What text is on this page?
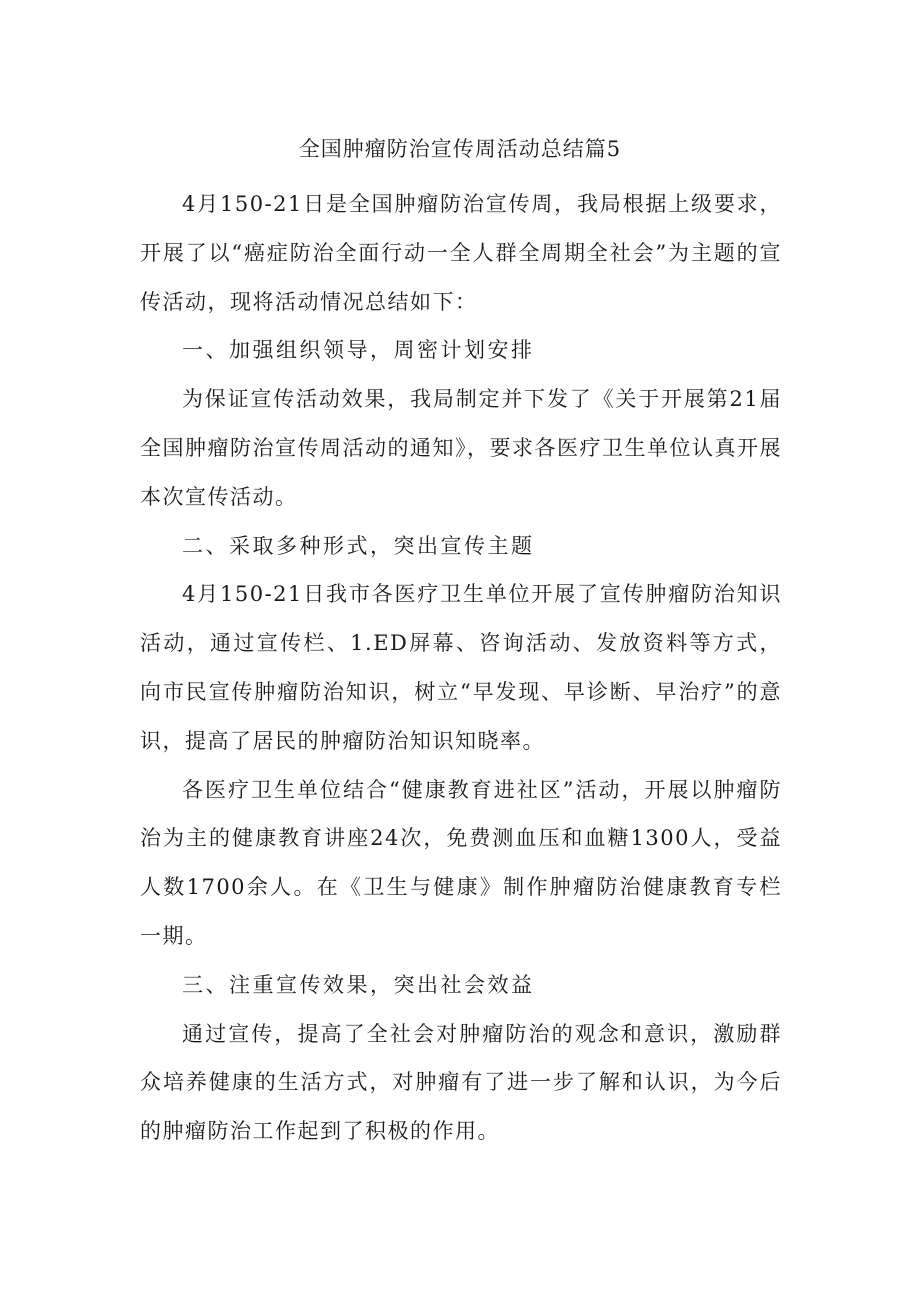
全国肿瘤防治宣传周活动总结篇5

4月150-21日是全国肿瘤防治宣传周，我局根据上级要求，开展了以“癌症防治全面行动一全人群全周期全社会”为主题的宣传活动，现将活动情况总结如下：

一、加强组织领导，周密计划安排

为保证宣传活动效果，我局制定并下发了《关于开展第21届全国肿瘤防治宣传周活动的通知》，要求各医疗卫生单位认真开展本次宣传活动。

二、采取多种形式，突出宣传主题

4月150-21日我市各医疗卫生单位开展了宣传肿瘤防治知识活动，通过宣传栏、1.ED屏幕、咨询活动、发放资料等方式，向市民宣传肿瘤防治知识，树立“早发现、早诊断、早治疗”的意识，提高了居民的肿瘤防治知识知晓率。

各医疗卫生单位结合“健康教育进社区”活动，开展以肿瘤防治为主的健康教育讲座24次，免费测血压和血糖1300人，受益人数1700余人。在《卫生与健康》制作肿瘤防治健康教育专栏一期。

三、注重宣传效果，突出社会效益

通过宣传，提高了全社会对肿瘤防治的观念和意识，激励群众培养健康的生活方式，对肿瘤有了进一步了解和认识，为今后的肿瘤防治工作起到了积极的作用。
